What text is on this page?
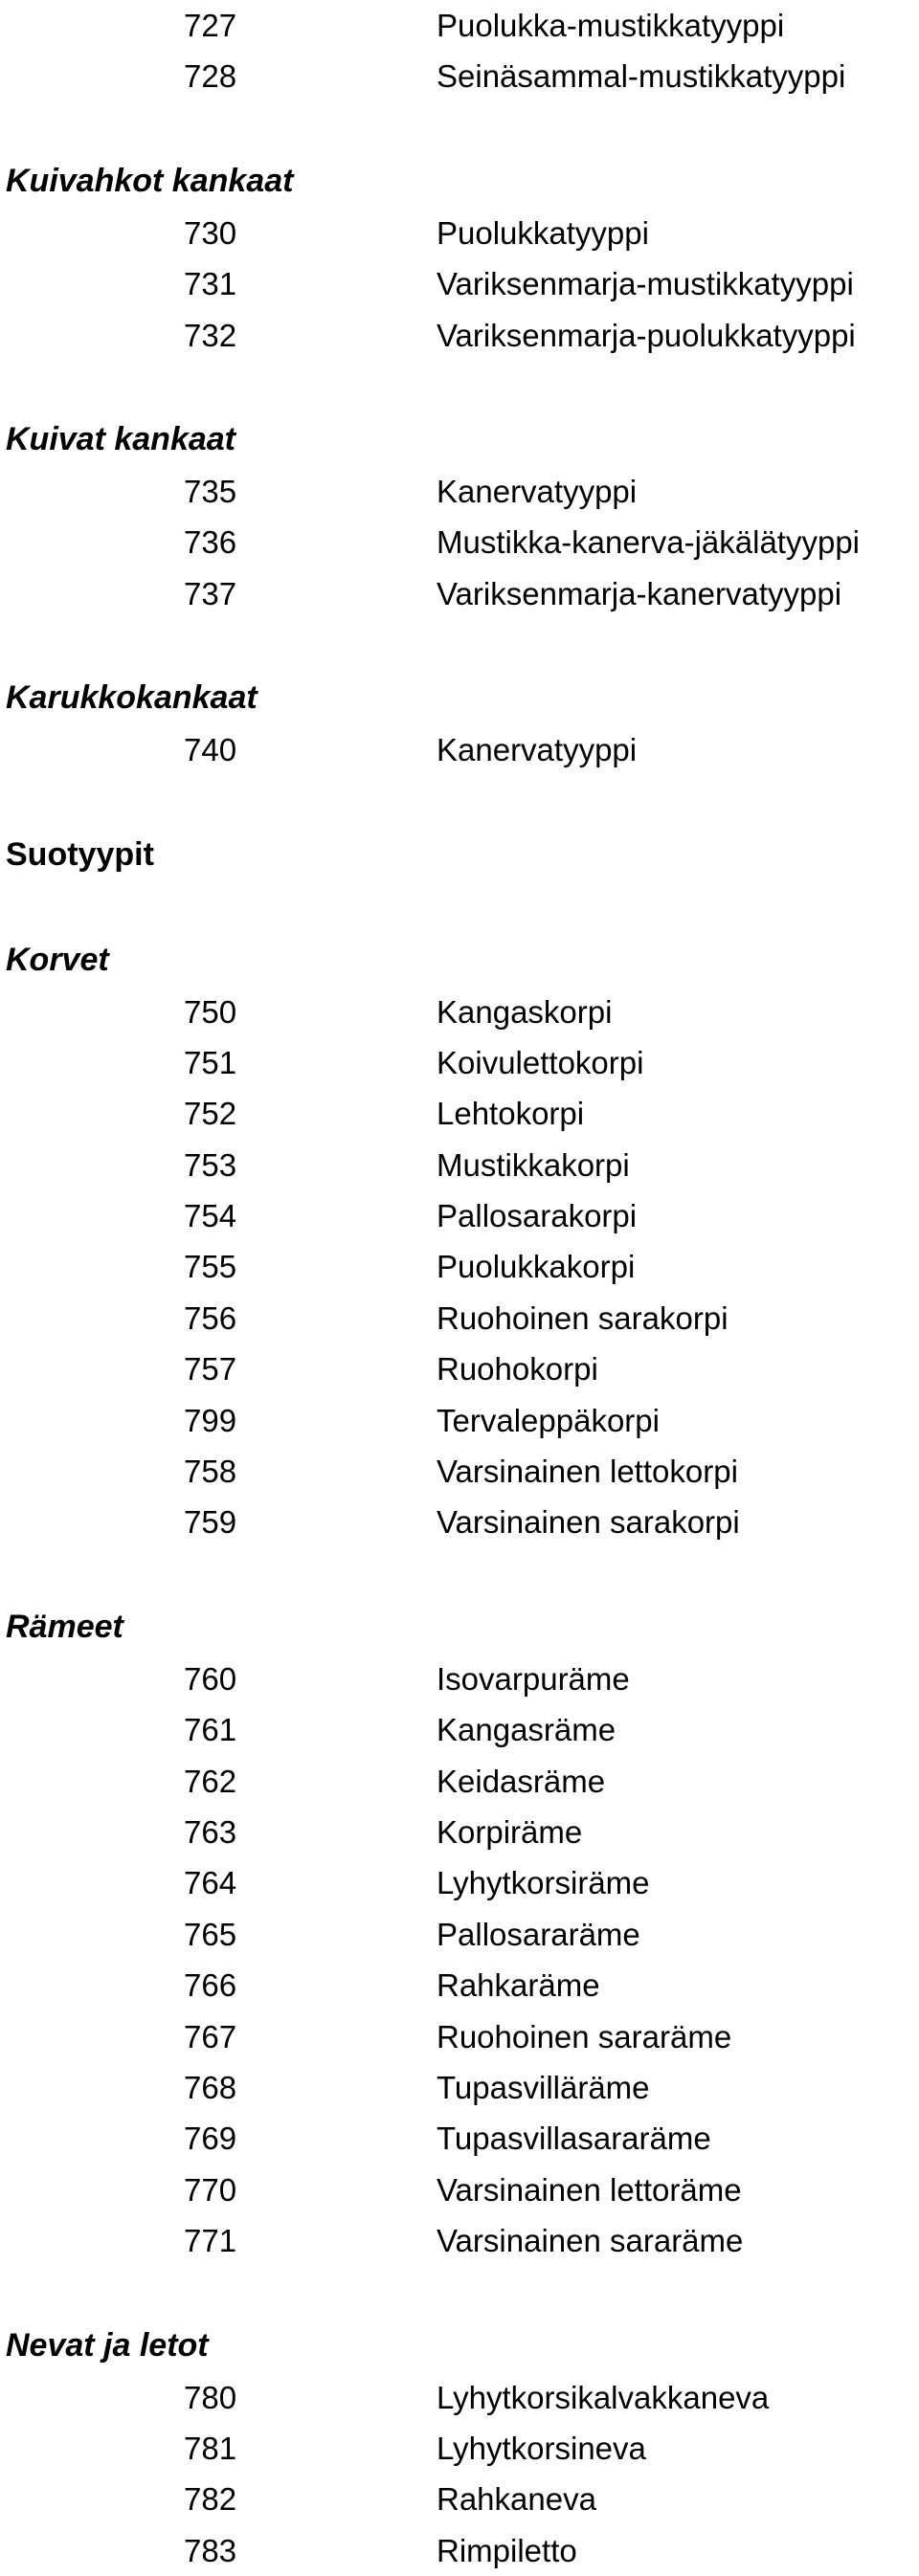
727	Puolukka-mustikkatyyppi
728	Seinäsammal-mustikkatyyppi
Kuivahkot kankaat
730	Puolukkatyyppi
731	Variksenmarja-mustikkatyyppi
732	Variksenmarja-puolukkatyyppi
Kuivat kankaat
735	Kanervatyyppi
736	Mustikka-kanerva-jäkälätyyppi
737	Variksenmarja-kanervatyyppi
Karukkokankaat
740	Kanervatyyppi
Suotyypit
Korvet
750	Kangaskorpi
751	Koivulettokorpi
752	Lehtokorpi
753	Mustikkakorpi
754	Pallosarakorpi
755	Puolukkakorpi
756	Ruohoinen sarakorpi
757	Ruohokorpi
799	Tervaleppäkorpi
758	Varsinainen lettokorpi
759	Varsinainen sarakorpi
Rämeet
760	Isovarpuräme
761	Kangasräme
762	Keidasräme
763	Korpiräme
764	Lyhytkorsiräme
765	Pallosararäme
766	Rahkaräme
767	Ruohoinen sararäme
768	Tupasvilläräme
769	Tupasvillasararäme
770	Varsinainen lettoräme
771	Varsinainen sararäme
Nevat ja letot
780	Lyhytkorsikalvakkaneva
781	Lyhytkorsineva
782	Rahkaneva
783	Rimpiletto
